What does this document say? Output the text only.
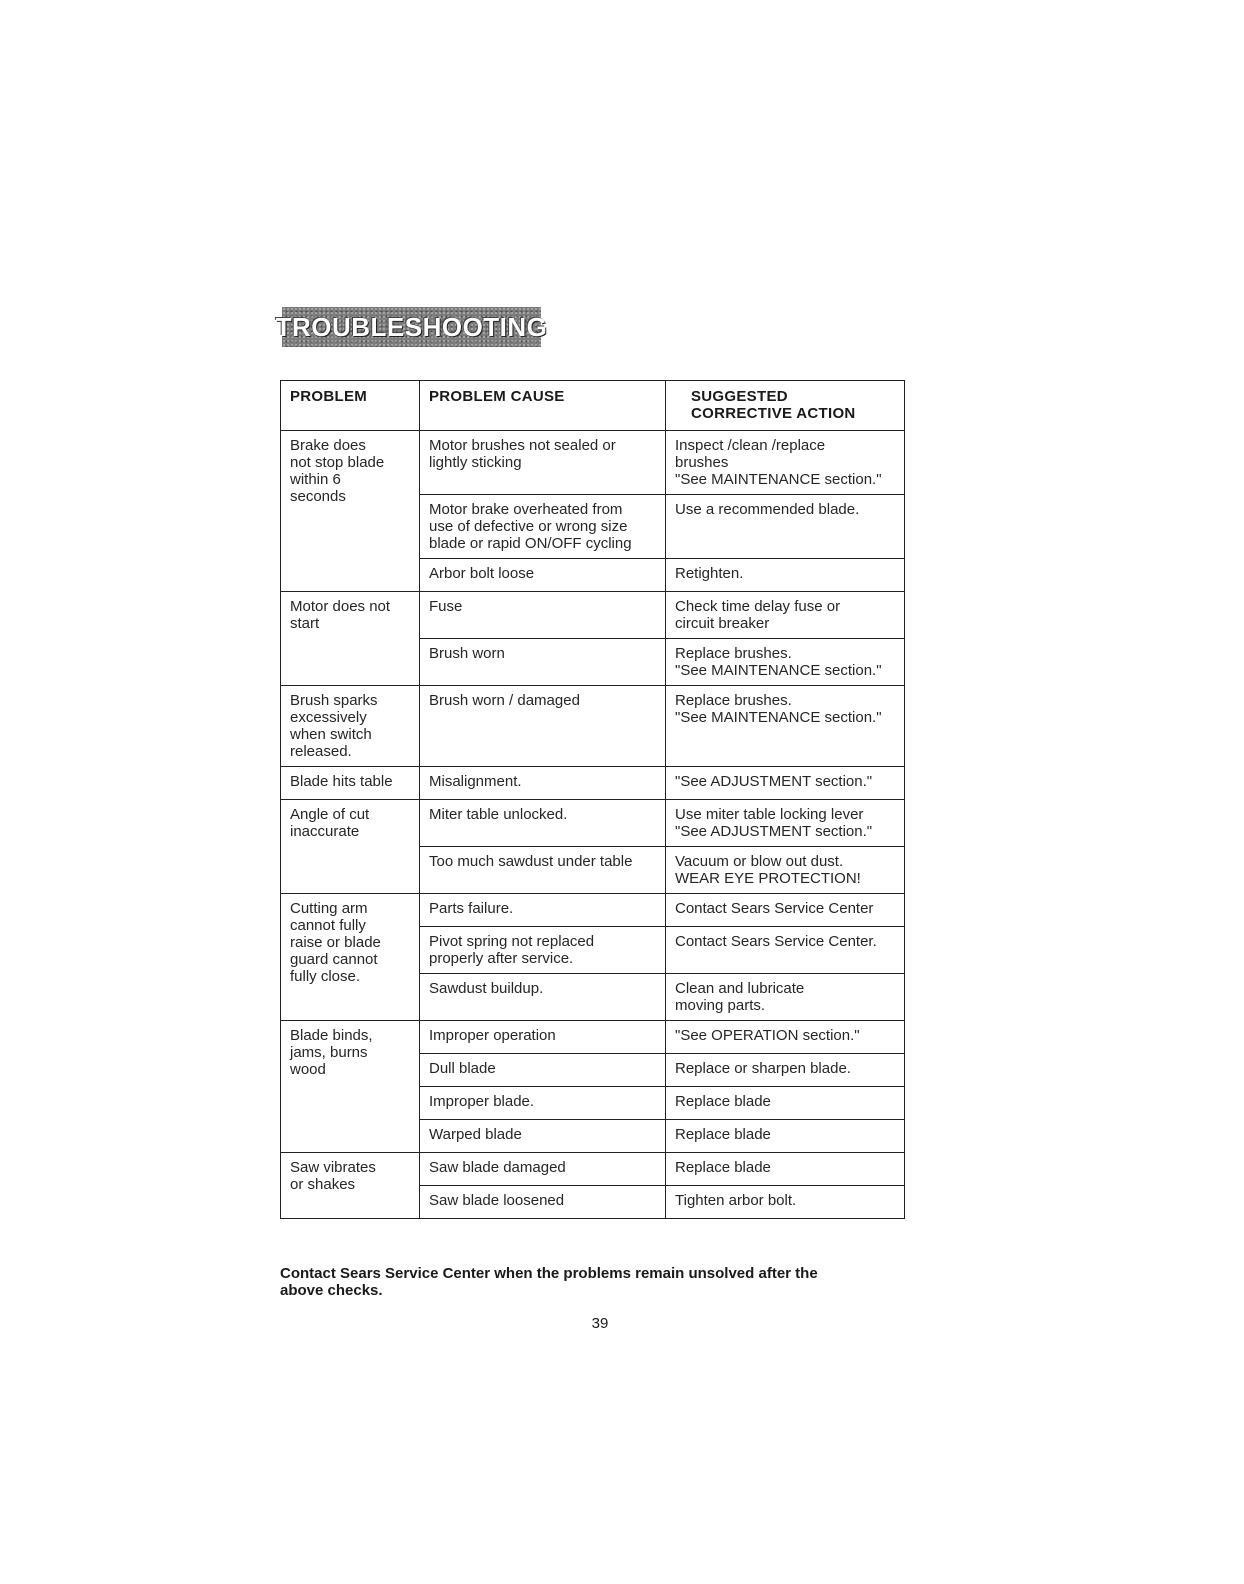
TROUBLESHOOTING
PROBLEM	PROBLEM CAUSE	SUGGESTED
CORRECTIVE ACTION
Brake does
not stop blade
within 6
seconds	Motor brushes not sealed or
lightly sticking	Inspect /clean /replace
brushes
"See MAINTENANCE section."
	Motor brake overheated from
use of defective or wrong size
blade or rapid ON/OFF cycling	Use a recommended blade.
	Arbor bolt loose	Retighten.
Motor does not
start	Fuse	Check time delay fuse or
circuit breaker
	Brush worn	Replace brushes.
"See MAINTENANCE section."
Brush sparks
excessively
when switch
released.	Brush worn / damaged	Replace brushes.
"See MAINTENANCE section."
Blade hits table	Misalignment.	"See ADJUSTMENT section."
Angle of cut
inaccurate	Miter table unlocked.	Use miter table locking lever
"See ADJUSTMENT section."
	Too much sawdust under table	Vacuum or blow out dust.
WEAR EYE PROTECTION!
Cutting arm
cannot fully
raise or blade
guard cannot
fully close.	Parts failure.	Contact Sears Service Center
	Pivot spring not replaced
properly after service.	Contact Sears Service Center.
	Sawdust buildup.	Clean and lubricate
moving parts.
Blade binds,
jams, burns
wood	Improper operation	"See OPERATION section."
	Dull blade	Replace or sharpen blade.
	Improper blade.	Replace blade
	Warped blade	Replace blade
Saw vibrates
or shakes	Saw blade damaged	Replace blade
	Saw blade loosened	Tighten arbor bolt.
Contact Sears Service Center when the problems remain unsolved after the
above checks.
39
